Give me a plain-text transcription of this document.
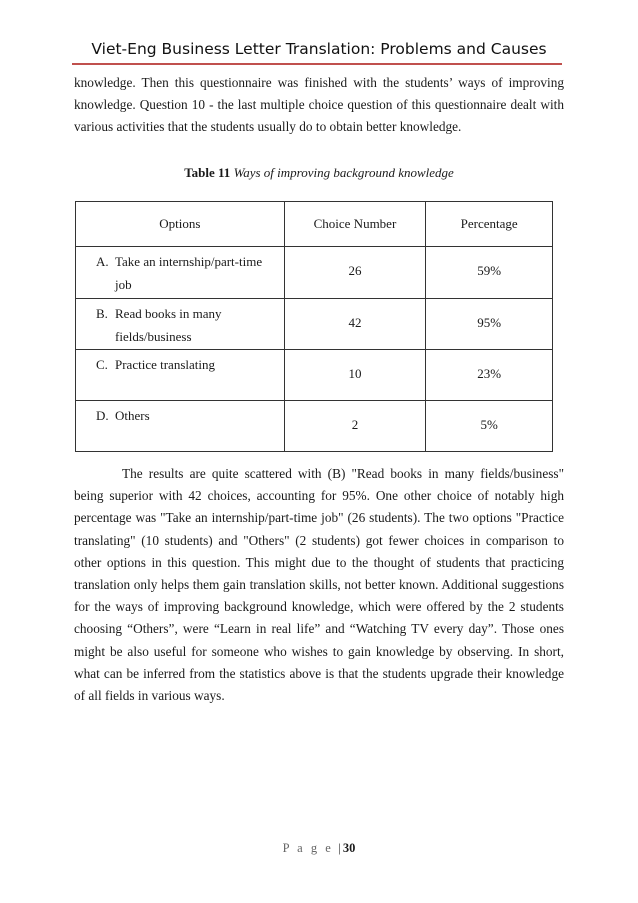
Viet-Eng Business Letter Translation: Problems and Causes

knowledge. Then this questionnaire was finished with the students’ ways of improving knowledge. Question 10 - the last multiple choice question of this questionnaire dealt with various activities that the students usually do to obtain better knowledge.

Table 11 Ways of improving background knowledge
Options	Choice Number	Percentage

A. Take an internship/part-time job	26	59%

B. Read books in many fields/business	42	95%

C. Practice translating	10	23%

D. Others	2	5%

The results are quite scattered with (B) "Read books in many fields/business" being superior with 42 choices, accounting for 95%. One other choice of notably high percentage was "Take an internship/part-time job" (26 students). The two options "Practice translating" (10 students) and "Others" (2 students) got fewer choices in comparison to other options in this question. This might due to the thought of students that practicing translation only helps them gain translation skills, not better known. Additional suggestions for the ways of improving background knowledge, which were offered by the 2 students choosing “Others”, were “Learn in real life” and “Watching TV every day”. Those ones might be also useful for someone who wishes to gain knowledge by observing. In short, what can be inferred from the statistics above is that the students upgrade their knowledge of all fields in various ways.

P a g e | 30
